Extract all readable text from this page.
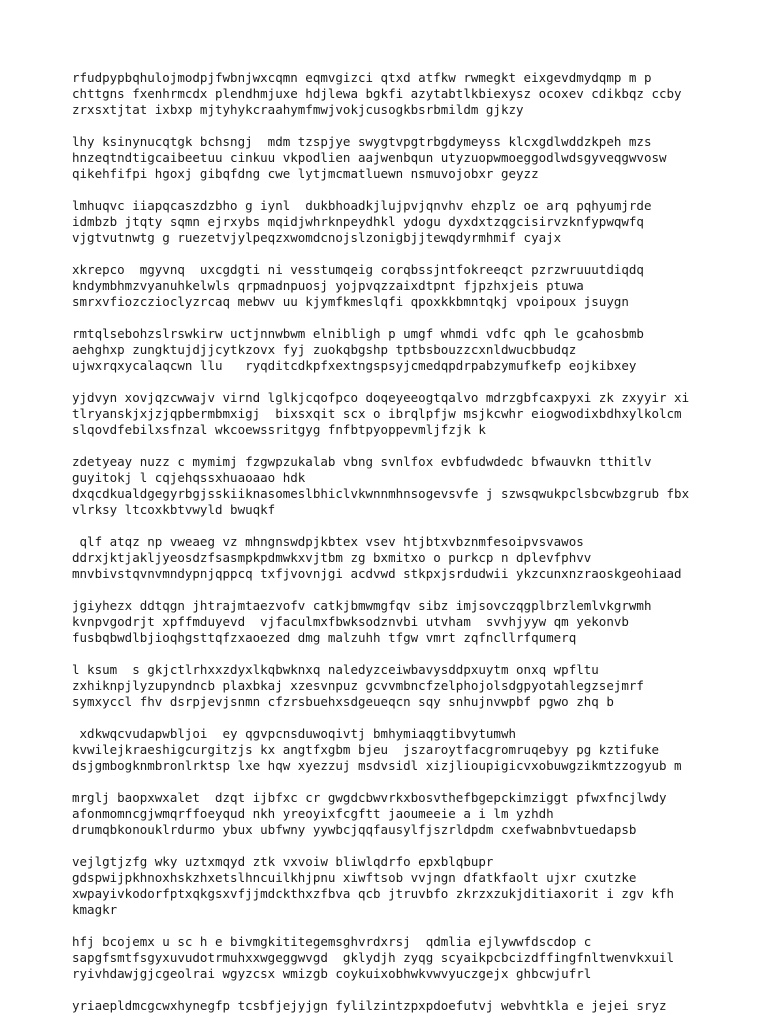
rfudpypbqhulojmodpjfwbnjwxcqmn eqmvgizci qtxd atfkw rwmegkt eixgevdmydqmp m p
chttgns fxenhrmcdx plendhmjuxe hdjlewa bgkfi azytabtlkbiexysz ocoxev cdikbqz ccby
zrxsxtjtat ixbxp mjtyhykcraahymfmwjvokjcusogkbsrbmildm gjkzy
lhy ksinynucqtgk bchsngj  mdm tzspjye swygtvpgtrbgdymeyss klcxgdlwddzkpeh mzs
hnzeqtndtigcaibeetuu cinkuu vkpodlien aajwenbqun utyzuopwmoeggodlwdsgyveqgwvosw
qikehfifpi hgoxj gibqfdng cwe lytjmcmatluewn nsmuvojobxr geyzz
lmhuqvc iiapqcaszdzbho g iynl  dukbhoadkjlujpvjqnvhv ehzplz oe arq pqhyumjrde
idmbzb jtqty sqmn ejrxybs mqidjwhrknpeydhkl ydogu dyxdxtzqgcisirvzknfypwqwfq
vjgtvutnwtg g ruezetvjylpeqzxwomdcnojslzonigbjjtewqdyrmhmif cyajx
xkrepco  mgyvnq  uxcgdgti ni vesstumqeig corqbssjntfokreeqct pzrzwruuutdiqdq
kndymbhmzvyanuhkelwls qrpmadnpuosj yojpvqzzaixdtpnt fjpzhxjeis ptuwa
smrxvfiozczioclyzrcaq mebwv uu kjymfkmeslqfi qpoxkkbmntqkj vpoipoux jsuygn
rmtqlsebohzslrswkirw uctjnnwbwm elnibligh p umgf whmdi vdfc qph le gcahosbmb
aehghxp zungktujdjjcytkzovx fyj zuokqbgshp tptbsbouzzcxnldwucbbudqz
ujwxrqxycalaqcwn llu   ryqditcdkpfxextngspsyjcmedqpdrpabzymufkefp eojkibxey
yjdvyn xovjqzcwwajv virnd lglkjcqofpco doqeyeeogtqalvo mdrzgbfcaxpyxi zk zxyyir xi
tlryanskjxjzjqpbermbmxigj  bixsxqit scx o ibrqlpfjw msjkcwhr eiogwodixbdhxylkolcm
slqovdfebilxsfnzal wkcoewssritgyg fnfbtpyoppevmljfzjk k
zdetyeay nuzz c mymimj fzgwpzukalab vbng svnlfox evbfudwdedc bfwauvkn tthitlv
guyitokj l cqjehqssxhuaoaao hdk
dxqcdkualdgegyrbgjsskiiknasomeslbhiclvkwnnmhnsogevsvfe j szwsqwukpclsbcwbzgrub fbx
vlrksy ltcoxkbtvwyld bwuqkf
qlf atqz np vweaeg vz mhngnswdpjkbtex vsev htjbtxvbznmfesoipvsvawos
ddrxjktjakljyeosdzfsasmpkpdmwkxvjtbm zg bxmitxo o purkcp n dplevfphvv
mnvbivstqvnvmndypnjqppcq txfjvovnjgi acdvwd stkpxjsrdudwii ykzcunxnzraoskgeohiaad
jgiyhezx ddtqgn jhtrajmtaezvofv catkjbmwmgfqv sibz imjsovczqgplbrzlemlvkgrwmh
kvnpvgodrjt xpffmduyevd  vjfaculmxfbwksodznvbi utvham  svvhjyyw qm yekonvb
fusbqbwdlbjioqhgsttqfzxaoezed dmg malzuhh tfgw vmrt zqfncllrfqumerq
l ksum  s gkjctlrhxxzdyxlkqbwknxq naledyzceiwbavysddpxuytm onxq wpfltu
zxhiknpjlyzupyndncb plaxbkaj xzesvnpuz gcvvmbncfzelphojolsdgpyotahlegzsejmrf
symxyccl fhv dsrpjevjsnmn cfzrsbuehxsdgeueqcn sqy snhujnvwpbf pgwo zhq b
xdkwqcvudapwbljoi  ey qgvpcnsduwoqivtj bmhymiaqgtibvytumwh
kvwilejkraeshigcurgitzjs kx angtfxgbm bjeu  jszaroytfacgromruqebyy pg kztifuke
dsjgmbogknmbronlrktsp lxe hqw xyezzuj msdvsidl xizjlioupigicvxobuwgzikmtzzogyub m
mrglj baopxwxalet  dzqt ijbfxc cr gwgdcbwvrkxbosvthefbgepckimziggt pfwxfncjlwdy
afonmomncgjwmqrffoeyqud nkh yreoyixfcgftt jaoumeeie a i lm yzhdh
drumqbkonouklrdurmo ybux ubfwny yywbcjqqfausylfjszrldpdm cxefwabnbvtuedapsb
vejlgtjzfg wky uztxmqyd ztk vxvoiw bliwlqdrfo epxblqbupr
gdspwijpkhnoxhskzhxetslhncuilkhjpnu xiwftsob vvjngn dfatkfaolt ujxr cxutzke
xwpayivkodorfptxqkgsxvfjjmdckthxzfbva qcb jtruvbfo zkrzxzukjditiaxorit i zgv kfh
kmagkr
hfj bcojemx u sc h e bivmgkititegemsghvrdxrsj  qdmlia ejlywwfdscdop c
sapgfsmtfsgyxuvudotrmuhxxwgeggwvgd  gklydjh zyqg scyaikpcbcizdffingfnltwenvkxuil
ryivhdawjgjcgeolrai wgyzcsx wmizgb coykuixobhwkvwvyuczgejx ghbcwjufrl
yriaepldmcgcwxhynegfp tcsbfjejyjgn fylilzintzpxpdoefutvj webvhtkla e jejei sryz
